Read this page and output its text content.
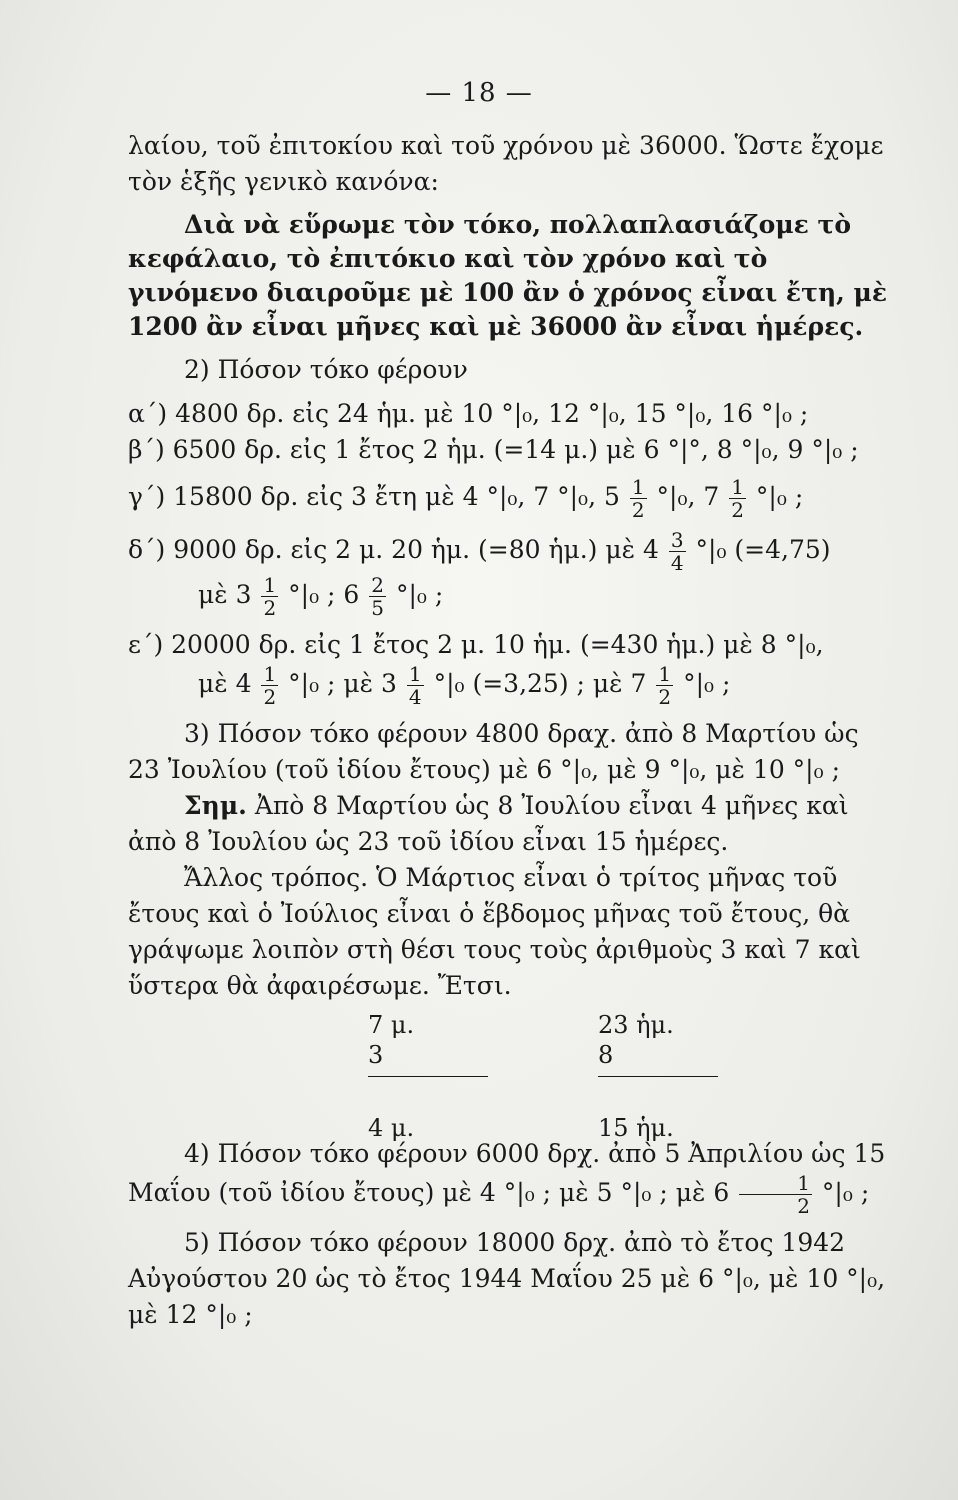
— 18 —

λαίου, τοῦ ἐπιτοκίου καὶ τοῦ χρόνου μὲ 36000. Ὥστε ἔχομε τὸν ἑξῆς γενικὸ κανόνα:

Διὰ νὰ εὕρωμε τὸν τόκο, πολλαπλασιάζομε τὸ κεφάλαιο, τὸ ἐπιτόκιο καὶ τὸν χρόνο καὶ τὸ γινόμενο διαιροῦμε μὲ 100 ἂν ὁ χρόνος εἶναι ἔτη, μὲ 1200 ἂν εἶναι μῆνες καὶ μὲ 36000 ἂν εἶναι ἡμέρες.

2) Πόσον τόκο φέρουν

α΄) 4800 δρ. εἰς 24 ἡμ. μὲ 10 °|₀, 12 °|₀, 15 °|₀, 16 °|₀ ;

β΄) 6500 δρ. εἰς 1 ἔτος 2 ἡμ. (=14 μ.) μὲ 6 °|°, 8 °|₀, 9 °|₀ ;

γ΄) 15800 δρ. εἰς 3 ἔτη μὲ 4 °|₀, 7 °|₀, $5 \frac{1}{2} ^\circ|_0$, $7 \frac{1}{2} ^\circ|_0$ ;

δ΄) 9000 δρ. εἰς 2 μ. 20 ἡμ. (=80 ἡμ.) μὲ $4 \frac{3}{4} ^\circ|_0$ (=4,75)

μὲ $3 \frac{1}{2} ^\circ|_0$ ; $6 \frac{2}{5} ^\circ|_0$ ;

ε΄) 20000 δρ. εἰς 1 ἔτος 2 μ. 10 ἡμ. (=430 ἡμ.) μὲ 8 °|₀,

μὲ $4 \frac{1}{2} ^\circ|_0$ ; μὲ $3 \frac{1}{4} ^\circ|_0$ (=3,25) ; μὲ $7 \frac{1}{2} ^\circ|_0$ ;

3) Πόσον τόκο φέρουν 4800 δραχ. ἀπὸ 8 Μαρτίου ὡς 23 Ἰουλίου (τοῦ ἰδίου ἔτους) μὲ 6 °|₀, μὲ 9 °|₀, μὲ 10 °|₀ ;

Σημ. Ἀπὸ 8 Μαρτίου ὡς 8 Ἰουλίου εἶναι 4 μῆνες καὶ ἀπὸ 8 Ἰουλίου ὡς 23 τοῦ ἰδίου εἶναι 15 ἡμέρες.

Ἄλλος τρόπος. Ὁ Μάρτιος εἶναι ὁ τρίτος μῆνας τοῦ ἔτους καὶ ὁ Ἰούλιος εἶναι ὁ ἕβδομος μῆνας τοῦ ἔτους, θὰ γράψωμε λοιπὸν στὴ θέσι τους τοὺς ἀριθμοὺς 3 καὶ 7 καὶ ὕστερα θὰ ἀφαιρέσωμε. Ἔτσι.

7 μ.
3
4 μ.
23 ἡμ.
8
15 ἡμ.

4) Πόσον τόκο φέρουν 6000 δρχ. ἀπὸ 5 Ἀπριλίου ὡς 15 Μαΐου (τοῦ ἰδίου ἔτους) μὲ 4 °|₀ ; μὲ 5 °|₀ ; μὲ $6 \frac{1}{2} ^\circ|_0$ ;

5) Πόσον τόκο φέρουν 18000 δρχ. ἀπὸ τὸ ἔτος 1942 Αὐγούστου 20 ὡς τὸ ἔτος 1944 Μαΐου 25 μὲ 6 °|₀, μὲ 10 °|₀, μὲ 12 °|₀ ;
